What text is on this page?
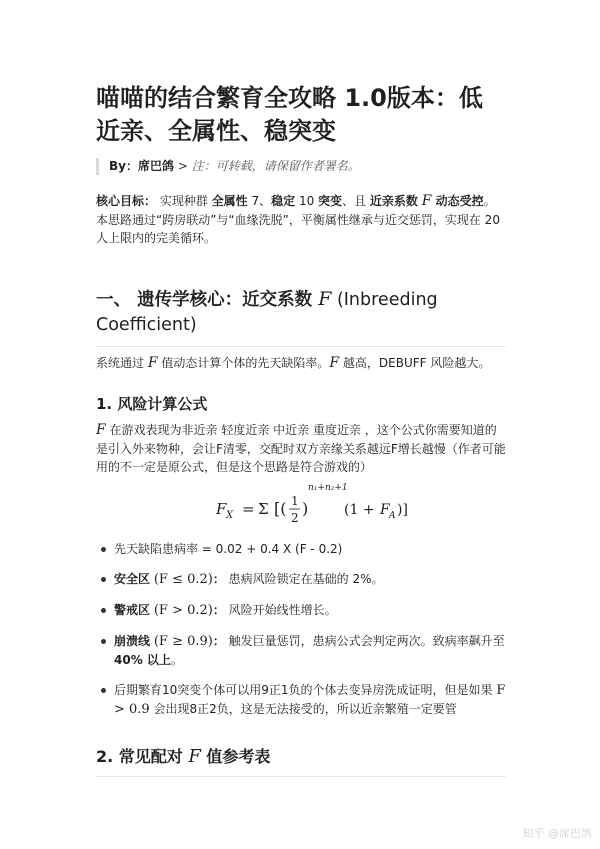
喵喵的结合繁育全攻略 1.0版本：低近亲、全属性、稳突变
By：席巴鸽 > 注：可转载，请保留作者署名。
核心目标： 实现种群 全属性 7、稳定 10 突变、且 近亲系数 F 动态受控。
本思路通过“跨房联动”与“血缘洗脱”，平衡属性继承与近交惩罚，实现在 20 人上限内的完美循环。
一、 遗传学核心：近交系数 F (Inbreeding Coefficient)

系统通过 F 值动态计算个体的先天缺陷率。F 越高，DEBUFF 风险越大。

1. 风险计算公式

F 在游戏表现为非近亲 轻度近亲 中近亲 重度近亲 ，这个公式你需要知道的是引入外来物种，会让F清零，交配时双方亲缘关系越远F增长越慢（作者可能用的不一定是原公式，但是这个思路是符合游戏的）

F X = Σ [( 1
2 )
n₁+n₂+1
(1 + F A )]
先天缺陷患病率 = 0.02 + 0.4 X (F - 0.2)
安全区 (F ≤ 0.2)： 患病风险锁定在基础的 2%。
警戒区 (F > 0.2)： 风险开始线性增长。
崩溃线 (F ≥ 0.9)： 触发巨量惩罚，患病公式会判定两次。致病率飙升至 40% 以上。
后期繁育10突变个体可以用9正1负的个体去变异房洗成证明，但是如果 F > 0.9 会出现8正2负，这是无法接受的，所以近亲繁殖一定要管
2. 常见配对 F 值参考表
知乎 @席巴鸽
